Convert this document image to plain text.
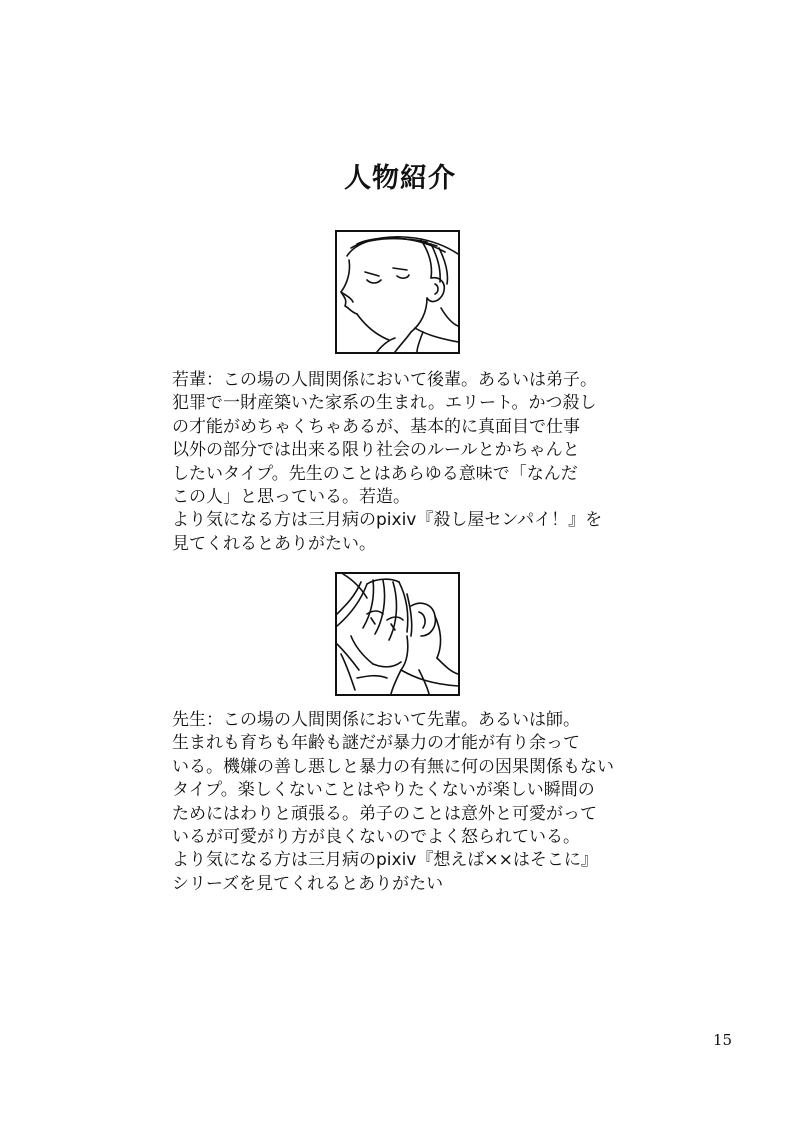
人物紹介
若輩：この場の人間関係において後輩。あるいは弟子。
犯罪で一財産築いた家系の生まれ。エリート。かつ殺し
の才能がめちゃくちゃあるが、基本的に真面目で仕事
以外の部分では出来る限り社会のルールとかちゃんと
したいタイプ。先生のことはあらゆる意味で「なんだ
この人」と思っている。若造。
より気になる方は三月病のpixiv『殺し屋センパイ！』を
見てくれるとありがたい。
先生：この場の人間関係において先輩。あるいは師。
生まれも育ちも年齢も謎だが暴力の才能が有り余って
いる。機嫌の善し悪しと暴力の有無に何の因果関係もない
タイプ。楽しくないことはやりたくないが楽しい瞬間の
ためにはわりと頑張る。弟子のことは意外と可愛がって
いるが可愛がり方が良くないのでよく怒られている。
より気になる方は三月病のpixiv『想えば××はそこに』
シリーズを見てくれるとありがたい
15
